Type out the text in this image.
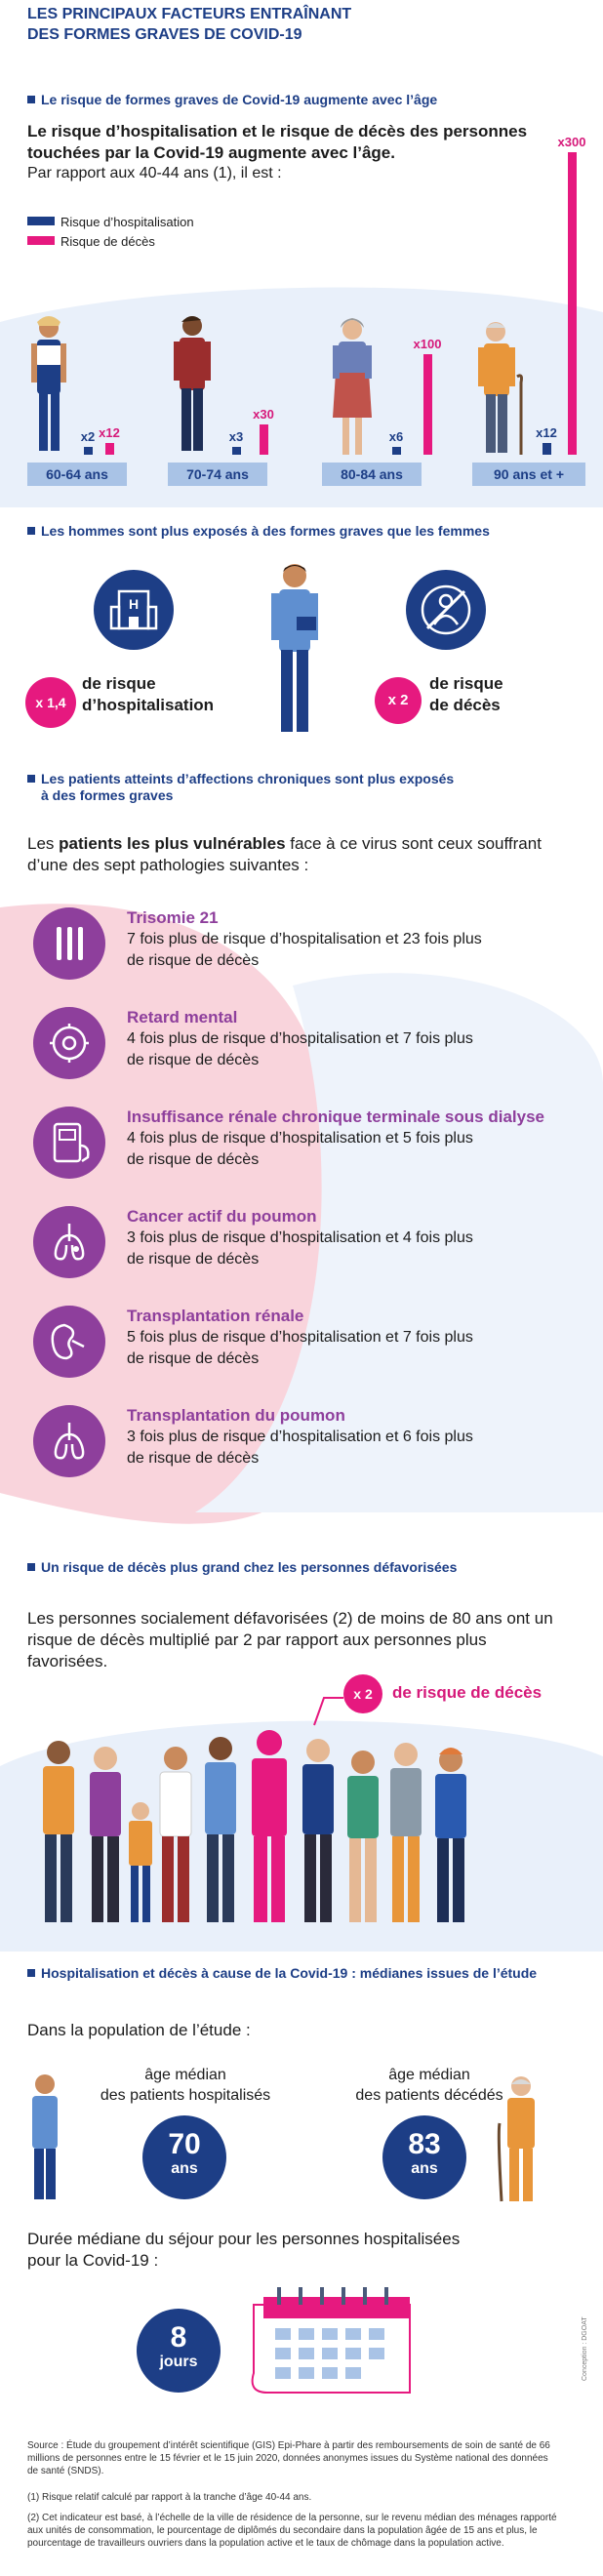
LES PRINCIPAUX FACTEURS ENTRAÎNANT
DES FORMES GRAVES DE COVID-19
Le risque de formes graves de Covid-19 augmente avec l’âge
Le risque d’hospitalisation et le risque de décès des personnes
touchées par la Covid-19 augmente avec l’âge.
Par rapport aux 40-44 ans (1), il est :
Risque d’hospitalisation
Risque de décès
x2	x3	x6	x12
x12
x30
x100
x300
60-64 ans	70-74 ans	80-84 ans	90 ans et +
Les hommes sont plus exposés à des formes graves que les femmes
H
x 1,4
de risque
d’hospitalisation	x 2
de risque
de décès
Les patients atteints d’affections chroniques sont plus exposés
à des formes graves
Les patients les plus vulnérables face à ce virus sont ceux souffrant
d’une des sept pathologies suivantes :
Trisomie 21
7 fois plus de risque d’hospitalisation et 23 fois plus
de risque de décès
Retard mental
4 fois plus de risque d’hospitalisation et 7 fois plus
de risque de décès
Insuffisance rénale chronique terminale sous dialyse
4 fois plus de risque d’hospitalisation et 5 fois plus
de risque de décès
Cancer actif du poumon
3 fois plus de risque d’hospitalisation et 4 fois plus
de risque de décès
Transplantation rénale
5 fois plus de risque d’hospitalisation et 7 fois plus
de risque de décès
Transplantation du poumon
3 fois plus de risque d’hospitalisation et 6 fois plus
de risque de décès
Un risque de décès plus grand chez les personnes défavorisées
Les personnes socialement défavorisées (2) de moins de 80 ans ont un
risque de décès multiplié par 2 par rapport aux personnes plus
favorisées.
x 2	de risque de décès
Hospitalisation et décès à cause de la Covid-19 : médianes issues de l’étude
Dans la population de l’étude :
âge médian
des patients hospitalisés
âge médian
des patients décédés
70
ans
83
ans
Durée médiane du séjour pour les personnes hospitalisées
pour la Covid-19 :
8
jours	Conception : DGOAT
Source : Étude du groupement d’intérêt scientifique (GIS) Epi-Phare à partir des remboursements de soin de santé de 66
millions de personnes entre le 15 février et le 15 juin 2020, données anonymes issues du Système national des données
de santé (SNDS).
(1) Risque relatif calculé par rapport à la tranche d’âge 40-44 ans.
(2) Cet indicateur est basé, à l’échelle de la ville de résidence de la personne, sur le revenu médian des ménages rapporté
aux unités de consommation, le pourcentage de diplômés du secondaire dans la population âgée de 15 ans et plus, le
pourcentage de travailleurs ouvriers dans la population active et le taux de chômage dans la population active.
